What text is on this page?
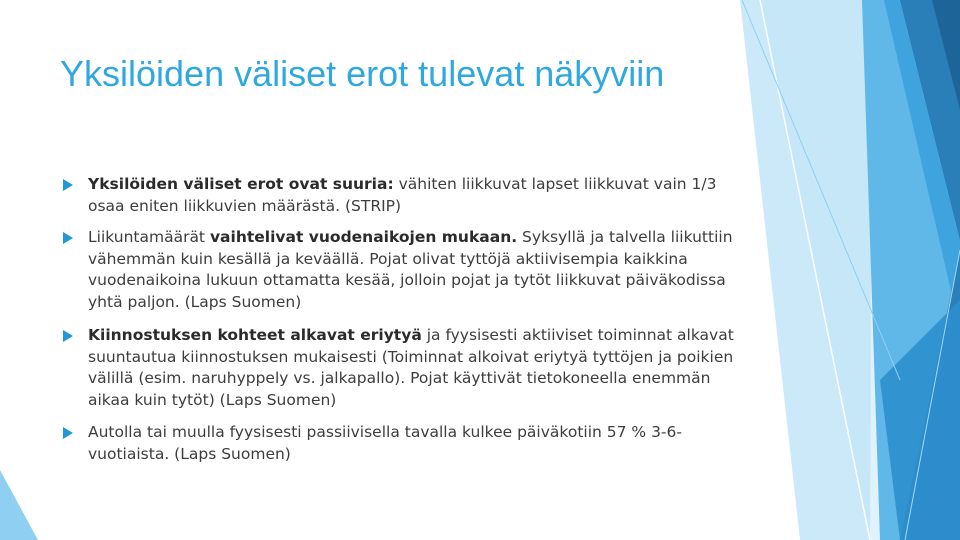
Yksilöiden väliset erot tulevat näkyviin
Yksilöiden väliset erot ovat suuria: vähiten liikkuvat lapset liikkuvat vain 1/3 osaa eniten liikkuvien määrästä. (STRIP)
Liikuntamäärät vaihtelivat vuodenaikojen mukaan. Syksyllä ja talvella liikuttiin vähemmän kuin kesällä ja keväällä. Pojat olivat tyttöjä aktiivisempia kaikkina vuodenaikoina lukuun ottamatta kesää, jolloin pojat ja tytöt liikkuvat päiväkodissa yhtä paljon. (Laps Suomen)
Kiinnostuksen kohteet alkavat eriytyä ja fyysisesti aktiiviset toiminnat alkavat suuntautua kiinnostuksen mukaisesti (Toiminnat alkoivat eriytyä tyttöjen ja poikien välillä (esim. naruhyppely vs. jalkapallo). Pojat käyttivät tietokoneella enemmän aikaa kuin tytöt) (Laps Suomen)
Autolla tai muulla fyysisesti passiivisella tavalla kulkee päiväkotiin 57 % 3-6-vuotiaista. (Laps Suomen)
